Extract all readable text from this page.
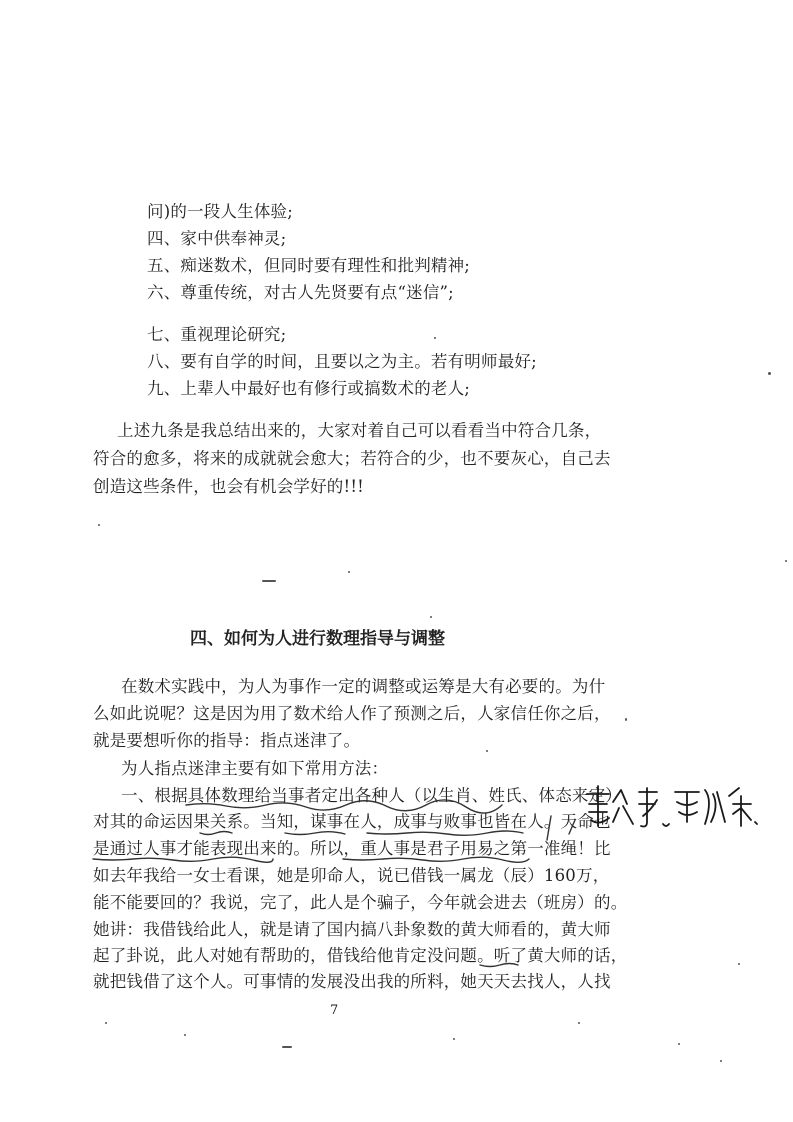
问)的一段人生体验;
四、家中供奉神灵;
五、痴迷数术，但同时要有理性和批判精神;
六、尊重传统，对古人先贤要有点“迷信”;
七、重视理论研究;
八、要有自学的时间，且要以之为主。若有明师最好;
九、上辈人中最好也有修行或搞数术的老人;
上述九条是我总结出来的，大家对着自己可以看看当中符合几条，
符合的愈多，将来的成就就会愈大；若符合的少，也不要灰心，自己去
创造这些条件，也会有机会学好的!!!
四、如何为人进行数理指导与调整
在数术实践中，为人为事作一定的调整或运筹是大有必要的。为什
么如此说呢？这是因为用了数术给人作了预测之后，人家信任你之后，
就是要想听你的指导：指点迷津了。
为人指点迷津主要有如下常用方法：
一、根据具体数理给当事者定出各种人（以生肖、姓氏、体态来定）
对其的命运因果关系。当知，谋事在人，成事与败事也皆在人。天命也
是通过人事才能表现出来的。所以，重人事是君子用易之第一准绳！比
如去年我给一女士看课，她是卯命人，说已借钱一属龙（辰）160万，
能不能要回的？我说，完了，此人是个骗子，今年就会进去（班房）的。
她讲：我借钱给此人，就是请了国内搞八卦象数的黄大师看的，黄大师
起了卦说，此人对她有帮助的，借钱给他肯定没问题。听了黄大师的话，
就把钱借了这个人。可事情的发展没出我的所料，她天天去找人，人找
7
